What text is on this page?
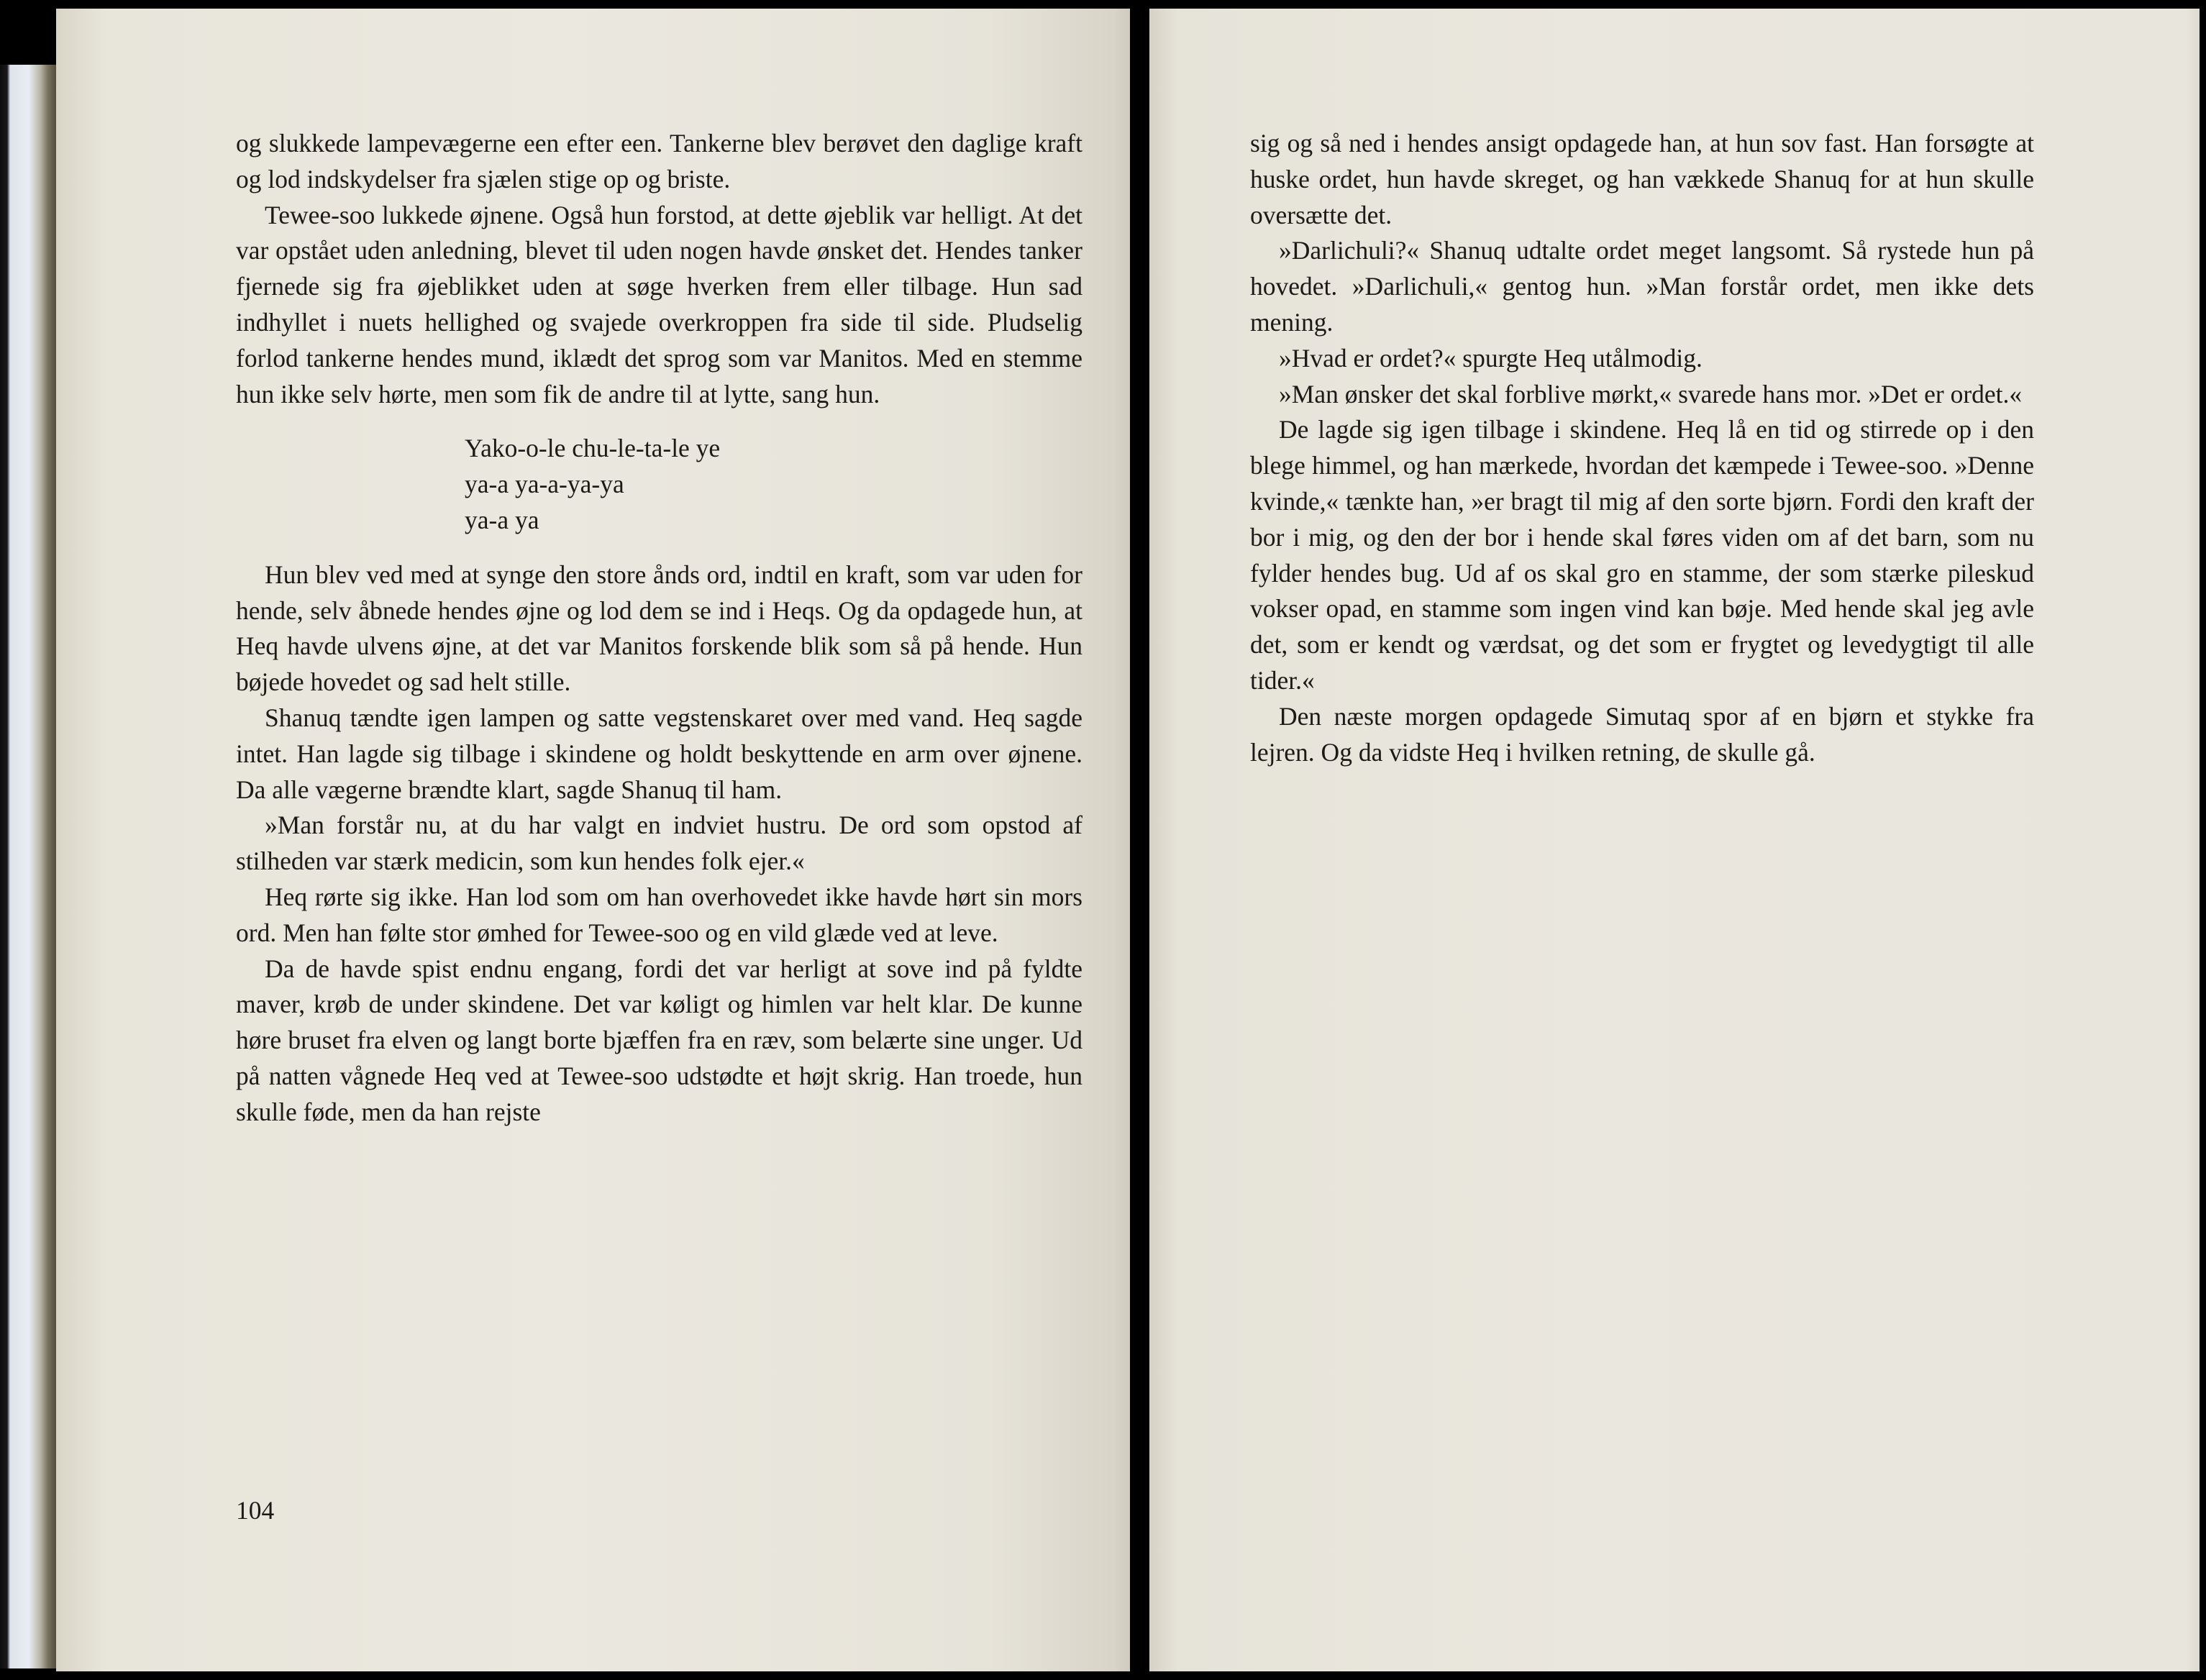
og slukkede lampevægerne een efter een. Tankerne blev berøvet den daglige kraft og lod indskydelser fra sjælen stige op og briste.

Tewee-soo lukkede øjnene. Også hun forstod, at dette øjeblik var helligt. At det var opstået uden anledning, blevet til uden nogen havde ønsket det. Hendes tanker fjernede sig fra øjeblikket uden at søge hverken frem eller tilbage. Hun sad indhyllet i nuets hellighed og svajede overkroppen fra side til side. Pludselig forlod tankerne hendes mund, iklædt det sprog som var Manitos. Med en stemme hun ikke selv hørte, men som fik de andre til at lytte, sang hun.

Yako-o-le chu-le-ta-le ye
ya-a ya-a-ya-ya
ya-a ya

Hun blev ved med at synge den store ånds ord, indtil en kraft, som var uden for hende, selv åbnede hendes øjne og lod dem se ind i Heqs. Og da opdagede hun, at Heq havde ulvens øjne, at det var Manitos forskende blik som så på hende. Hun bøjede hovedet og sad helt stille.

Shanuq tændte igen lampen og satte vegstenskaret over med vand. Heq sagde intet. Han lagde sig tilbage i skindene og holdt beskyttende en arm over øjnene. Da alle vægerne brændte klart, sagde Shanuq til ham.

»Man forstår nu, at du har valgt en indviet hustru. De ord som opstod af stilheden var stærk medicin, som kun hendes folk ejer.«

Heq rørte sig ikke. Han lod som om han overhovedet ikke havde hørt sin mors ord. Men han følte stor ømhed for Tewee-soo og en vild glæde ved at leve.

Da de havde spist endnu engang, fordi det var herligt at sove ind på fyldte maver, krøb de under skindene. Det var køligt og himlen var helt klar. De kunne høre bruset fra elven og langt borte bjæffen fra en ræv, som belærte sine unger. Ud på natten vågnede Heq ved at Tewee-soo udstødte et højt skrig. Han troede, hun skulle føde, men da han rejste

104

sig og så ned i hendes ansigt opdagede han, at hun sov fast. Han forsøgte at huske ordet, hun havde skreget, og han vækkede Shanuq for at hun skulle oversætte det.

»Darlichuli?« Shanuq udtalte ordet meget langsomt. Så rystede hun på hovedet. »Darlichuli,« gentog hun. »Man forstår ordet, men ikke dets mening.

»Hvad er ordet?« spurgte Heq utålmodig.

»Man ønsker det skal forblive mørkt,« svarede hans mor. »Det er ordet.«

De lagde sig igen tilbage i skindene. Heq lå en tid og stirrede op i den blege himmel, og han mærkede, hvordan det kæmpede i Tewee-soo. »Denne kvinde,« tænkte han, »er bragt til mig af den sorte bjørn. Fordi den kraft der bor i mig, og den der bor i hende skal føres viden om af det barn, som nu fylder hendes bug. Ud af os skal gro en stamme, der som stærke pileskud vokser opad, en stamme som ingen vind kan bøje. Med hende skal jeg avle det, som er kendt og værdsat, og det som er frygtet og levedygtigt til alle tider.«

Den næste morgen opdagede Simutaq spor af en bjørn et stykke fra lejren. Og da vidste Heq i hvilken retning, de skulle gå.
